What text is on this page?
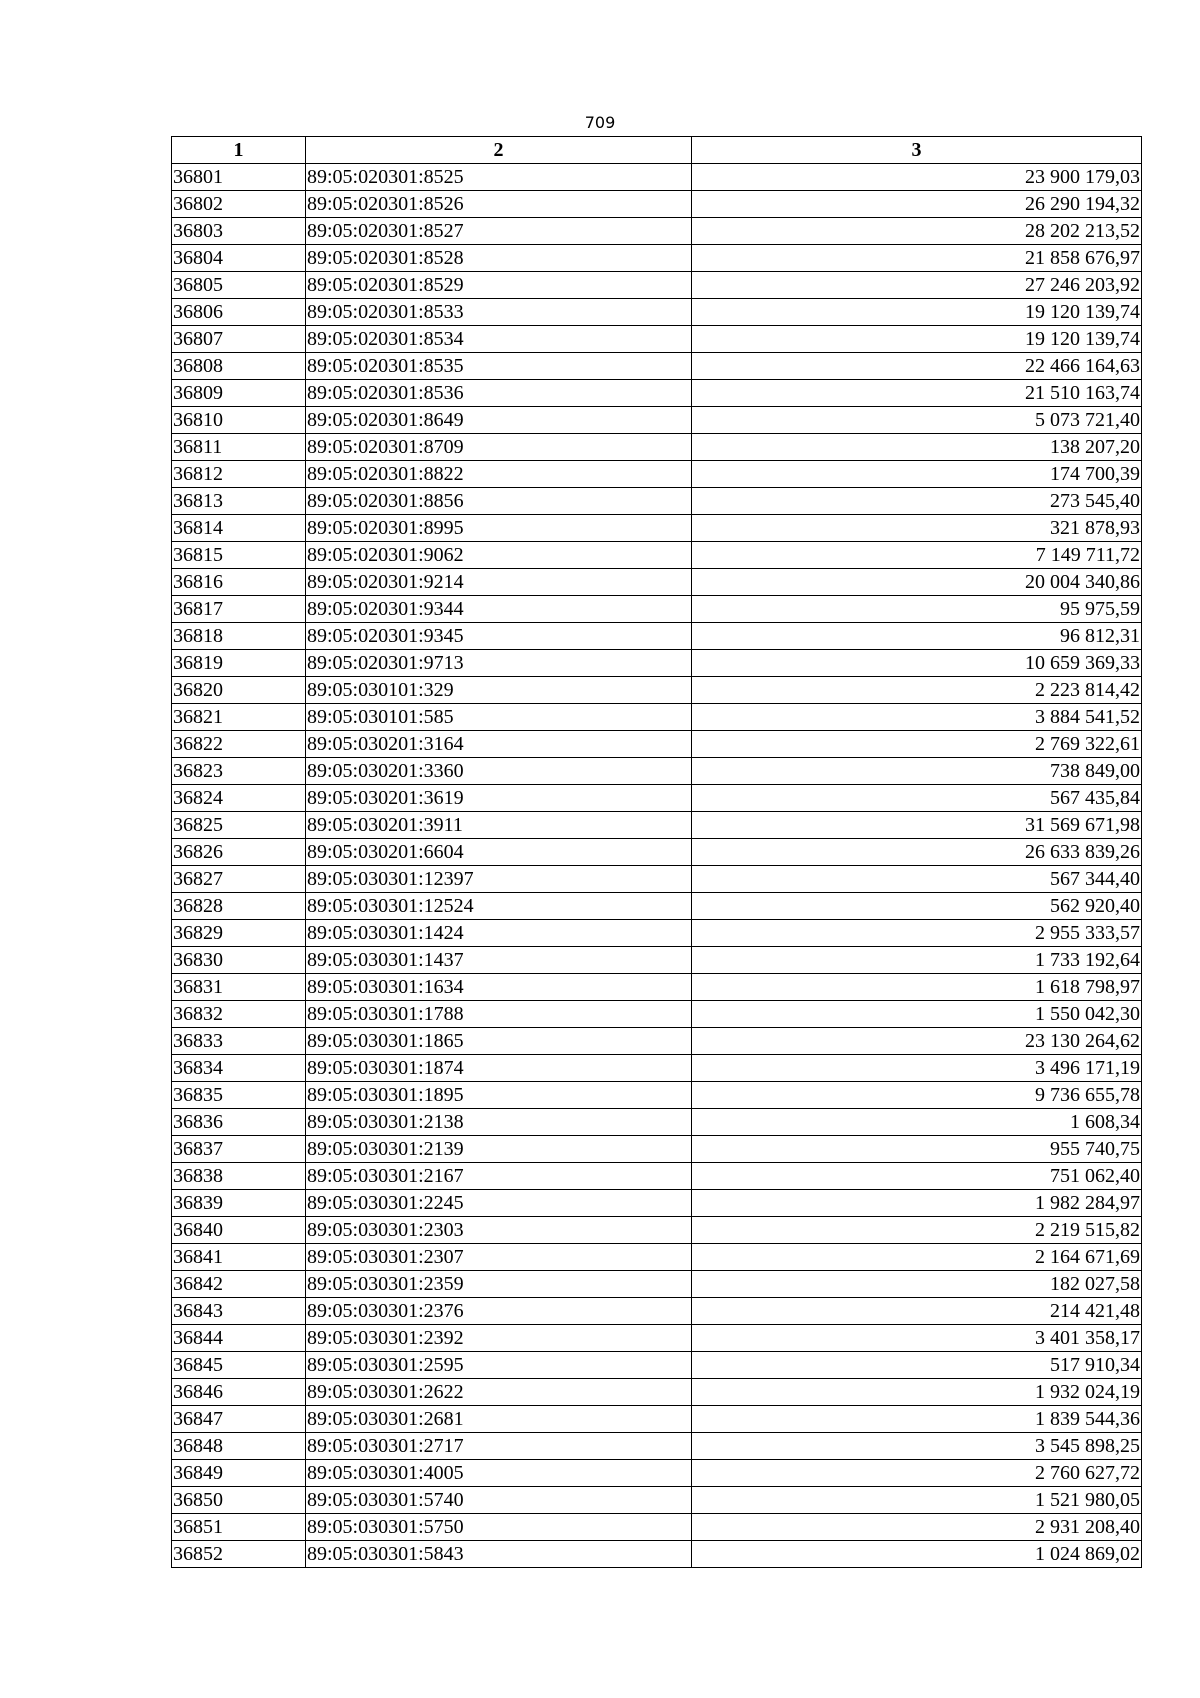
709
1	2	3
36801	89:05:020301:8525	23 900 179,03
36802	89:05:020301:8526	26 290 194,32
36803	89:05:020301:8527	28 202 213,52
36804	89:05:020301:8528	21 858 676,97
36805	89:05:020301:8529	27 246 203,92
36806	89:05:020301:8533	19 120 139,74
36807	89:05:020301:8534	19 120 139,74
36808	89:05:020301:8535	22 466 164,63
36809	89:05:020301:8536	21 510 163,74
36810	89:05:020301:8649	5 073 721,40
36811	89:05:020301:8709	138 207,20
36812	89:05:020301:8822	174 700,39
36813	89:05:020301:8856	273 545,40
36814	89:05:020301:8995	321 878,93
36815	89:05:020301:9062	7 149 711,72
36816	89:05:020301:9214	20 004 340,86
36817	89:05:020301:9344	95 975,59
36818	89:05:020301:9345	96 812,31
36819	89:05:020301:9713	10 659 369,33
36820	89:05:030101:329	2 223 814,42
36821	89:05:030101:585	3 884 541,52
36822	89:05:030201:3164	2 769 322,61
36823	89:05:030201:3360	738 849,00
36824	89:05:030201:3619	567 435,84
36825	89:05:030201:3911	31 569 671,98
36826	89:05:030201:6604	26 633 839,26
36827	89:05:030301:12397	567 344,40
36828	89:05:030301:12524	562 920,40
36829	89:05:030301:1424	2 955 333,57
36830	89:05:030301:1437	1 733 192,64
36831	89:05:030301:1634	1 618 798,97
36832	89:05:030301:1788	1 550 042,30
36833	89:05:030301:1865	23 130 264,62
36834	89:05:030301:1874	3 496 171,19
36835	89:05:030301:1895	9 736 655,78
36836	89:05:030301:2138	1 608,34
36837	89:05:030301:2139	955 740,75
36838	89:05:030301:2167	751 062,40
36839	89:05:030301:2245	1 982 284,97
36840	89:05:030301:2303	2 219 515,82
36841	89:05:030301:2307	2 164 671,69
36842	89:05:030301:2359	182 027,58
36843	89:05:030301:2376	214 421,48
36844	89:05:030301:2392	3 401 358,17
36845	89:05:030301:2595	517 910,34
36846	89:05:030301:2622	1 932 024,19
36847	89:05:030301:2681	1 839 544,36
36848	89:05:030301:2717	3 545 898,25
36849	89:05:030301:4005	2 760 627,72
36850	89:05:030301:5740	1 521 980,05
36851	89:05:030301:5750	2 931 208,40
36852	89:05:030301:5843	1 024 869,02
